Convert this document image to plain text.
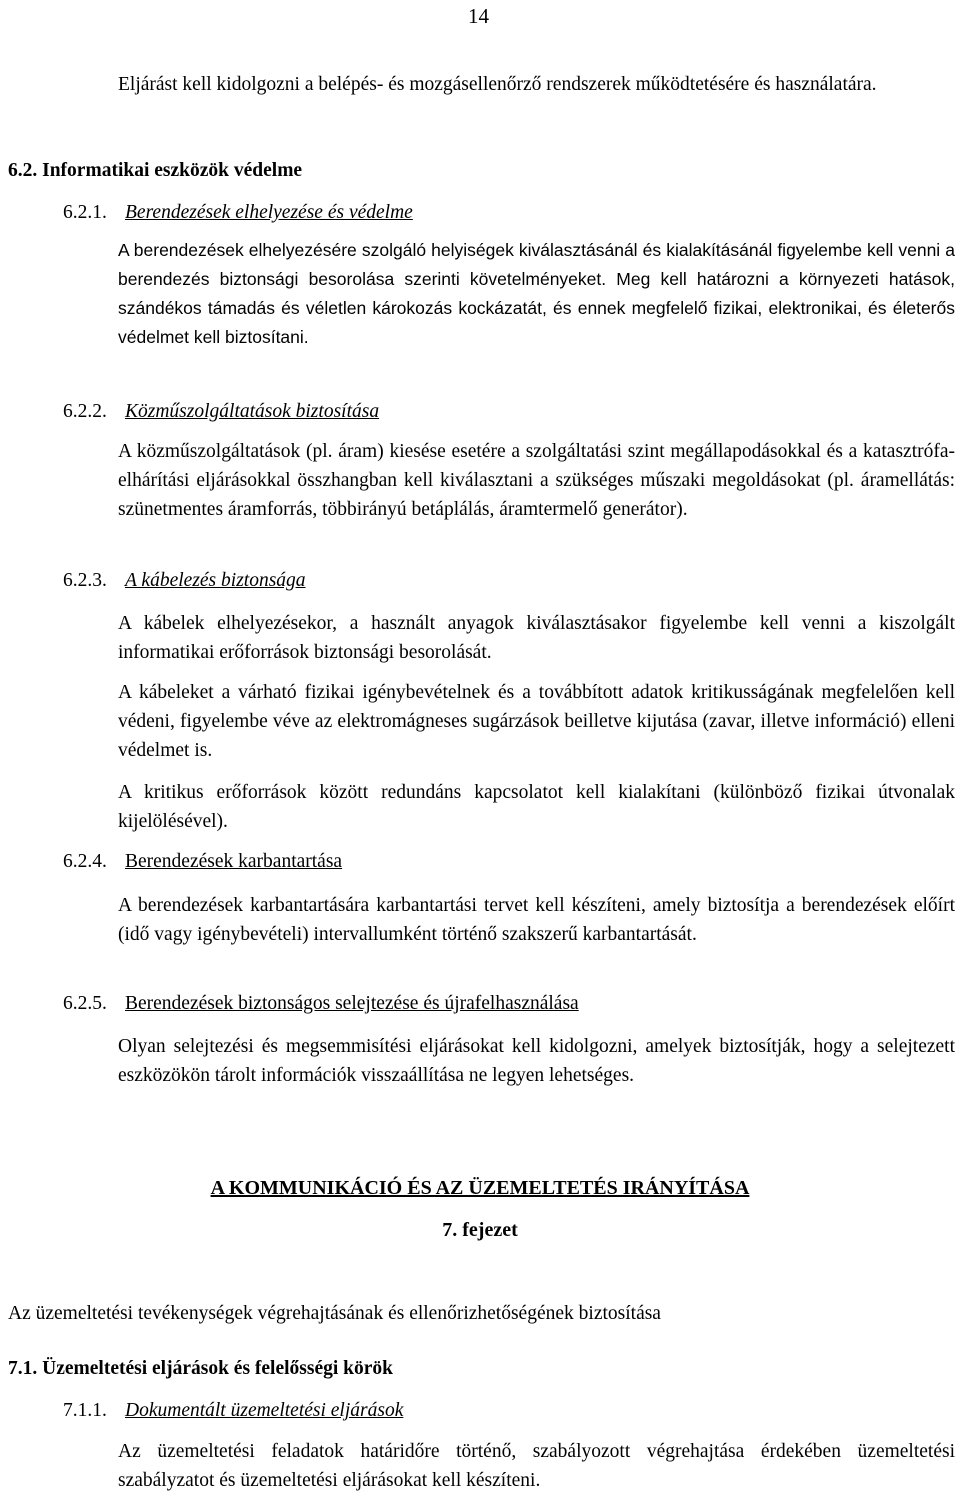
14

Eljárást kell kidolgozni a belépés- és mozgásellenőrző rendszerek működtetésére és használatára.

6.2. Informatikai eszközök védelme

6.2.1. Berendezések elhelyezése és védelme

A berendezések elhelyezésére szolgáló helyiségek kiválasztásánál és kialakításánál figyelembe kell venni a berendezés biztonsági besorolása szerinti követelményeket. Meg kell határozni a környezeti hatások, szándékos támadás és véletlen károkozás kockázatát, és ennek megfelelő fizikai, elektronikai, és életerős védelmet kell biztosítani.

6.2.2. Közműszolgáltatások biztosítása

A közműszolgáltatások (pl. áram) kiesése esetére a szolgáltatási szint megállapodásokkal és a katasztrófa-elhárítási eljárásokkal összhangban kell kiválasztani a szükséges műszaki megoldásokat (pl. áramellátás: szünetmentes áramforrás, többirányú betáplálás, áramtermelő generátor).

6.2.3. A kábelezés biztonsága

A kábelek elhelyezésekor, a használt anyagok kiválasztásakor figyelembe kell venni a kiszolgált informatikai erőforrások biztonsági besorolását.

A kábeleket a várható fizikai igénybevételnek és a továbbított adatok kritikusságának megfelelően kell védeni, figyelembe véve az elektromágneses sugárzások beilletve kijutása (zavar, illetve információ) elleni védelmet is.

A kritikus erőforrások között redundáns kapcsolatot kell kialakítani (különböző fizikai útvonalak kijelölésével).

6.2.4. Berendezések karbantartása

A berendezések karbantartására karbantartási tervet kell készíteni, amely biztosítja a berendezések előírt (idő vagy igénybevételi) intervallumként történő szakszerű karbantartását.

6.2.5. Berendezések biztonságos selejtezése és újrafelhasználása

Olyan selejtezési és megsemmisítési eljárásokat kell kidolgozni, amelyek biztosítják, hogy a selejtezett eszközökön tárolt információk visszaállítása ne legyen lehetséges.

A KOMMUNIKÁCIÓ ÉS AZ ÜZEMELTETÉS IRÁNYÍTÁSA

7. fejezet

Az üzemeltetési tevékenységek végrehajtásának és ellenőrizhetőségének biztosítása

7.1. Üzemeltetési eljárások és felelősségi körök

7.1.1. Dokumentált üzemeltetési eljárások

Az üzemeltetési feladatok határidőre történő, szabályozott végrehajtása érdekében üzemeltetési szabályzatot és üzemeltetési eljárásokat kell készíteni.
